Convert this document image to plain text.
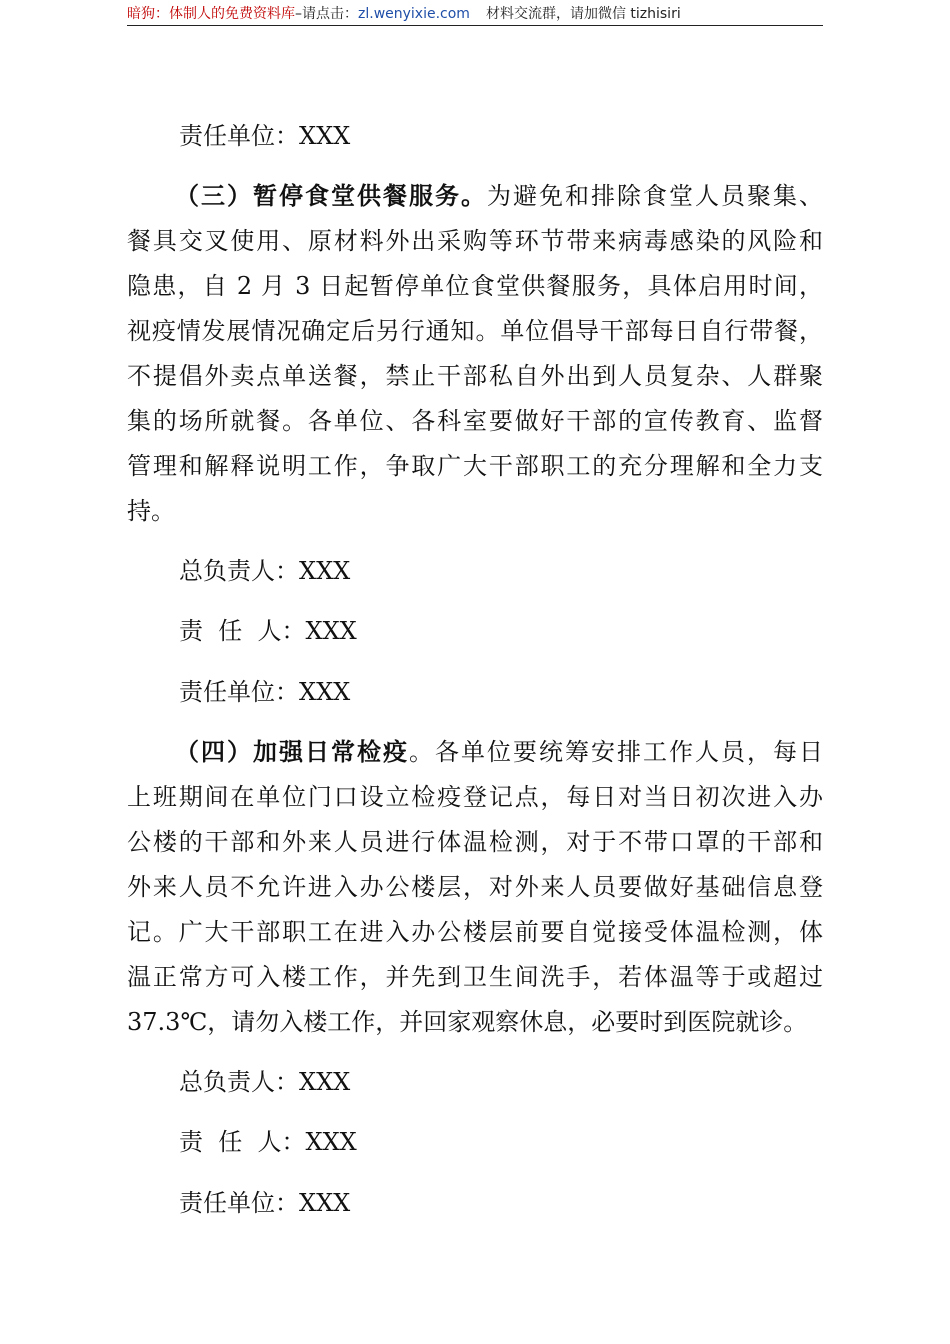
暗狗：体制人的免费资料库–请点击：zl.wenyixie.com 材料交流群，请加微信 tizhisiri
责任单位：XXX
（三）暂停食堂供餐服务。为避免和排除食堂人员聚集、
餐具交叉使用、原材料外出采购等环节带来病毒感染的风险和
隐患，自 2 月 3 日起暂停单位食堂供餐服务，具体启用时间，
视疫情发展情况确定后另行通知。单位倡导干部每日自行带餐，
不提倡外卖点单送餐，禁止干部私自外出到人员复杂、人群聚
集的场所就餐。各单位、各科室要做好干部的宣传教育、监督
管理和解释说明工作，争取广大干部职工的充分理解和全力支
持。
总负责人：XXX
责  任  人：XXX
责任单位：XXX
（四）加强日常检疫。各单位要统筹安排工作人员，每日
上班期间在单位门口设立检疫登记点，每日对当日初次进入办
公楼的干部和外来人员进行体温检测，对于不带口罩的干部和
外来人员不允许进入办公楼层，对外来人员要做好基础信息登
记。广大干部职工在进入办公楼层前要自觉接受体温检测，体
温正常方可入楼工作，并先到卫生间洗手，若体温等于或超过
37.3℃，请勿入楼工作，并回家观察休息，必要时到医院就诊。
总负责人：XXX
责  任  人：XXX
责任单位：XXX
